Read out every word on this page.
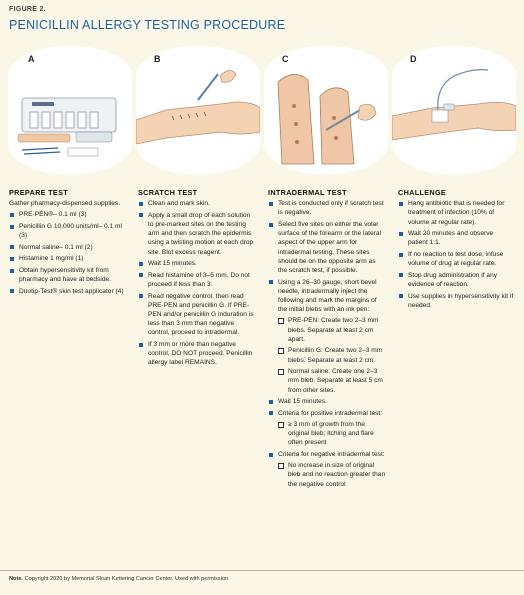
FIGURE 2.
PENICILLIN ALLERGY TESTING PROCEDURE
A	B	C	D
PREPARE TEST

Gather pharmacy-dispensed supplies.

PRE-PEN®– 0.1 ml (3)
Penicillin G 10,000 units/ml– 0.1 ml (3)
Normal saline– 0.1 ml (2)
Histamine 1 mg/ml (1)
Obtain hypersensitivity kit from pharmacy and have at bedside.
Duotip-Test® skin test applicator (4)
SCRATCH TEST
Clean and mark skin.
Apply a small drop of each solution to pre-marked sites on the testing arm and then scratch the epidermis using a twisting motion at each drop site. Blot excess reagent.
Wait 15 minutes.
Read histamine of 3–5 mm. Do not proceed if less than 3.
Read negative control, then read PRE-PEN and penicillin G. If PRE-PEN and/or penicillin G induration is less than 3 mm than negative control, proceed to intradermal.
If 3 mm or more than negative control, DO NOT proceed. Penicillin allergy label REMAINS.
INTRADERMAL TEST
Test is conducted only if scratch test is negative.
Select five sites on either the volar surface of the forearm or the lateral aspect of the upper arm for intradermal testing. These sites should be on the opposite arm as the scratch test, if possible.
Using a 26–30 gauge, short bevel needle, intradermally inject the following and mark the margins of the initial blebs with an ink pen:
PRE-PEN: Create two 2–3 mm blebs. Separate at least 2 cm apart.
Penicillin G: Create two 2–3 mm blebs. Separate at least 2 cm.
Normal saline: Create one 2–3 mm bleb. Separate at least 5 cm from other sites.
Wait 15 minutes.
Criteria for positive intradermal test:
≥ 3 mm of growth from the original bleb; itching and flare often present
Criteria for negative intradermal test:
No increase in size of original bleb and no reaction greater than the negative control
CHALLENGE
Hang antibiotic that is needed for treatment of infection (10% of volume at regular rate).
Wait 20 minutes and observe patient 1:1.
If no reaction to test dose, infuse volume of drug at regular rate.
Stop drug administration if any evidence of reaction.
Use supplies in hypersensitivity kit if needed.
Note. Copyright 2020 by Memorial Sloan Kettering Cancer Center. Used with permission.
